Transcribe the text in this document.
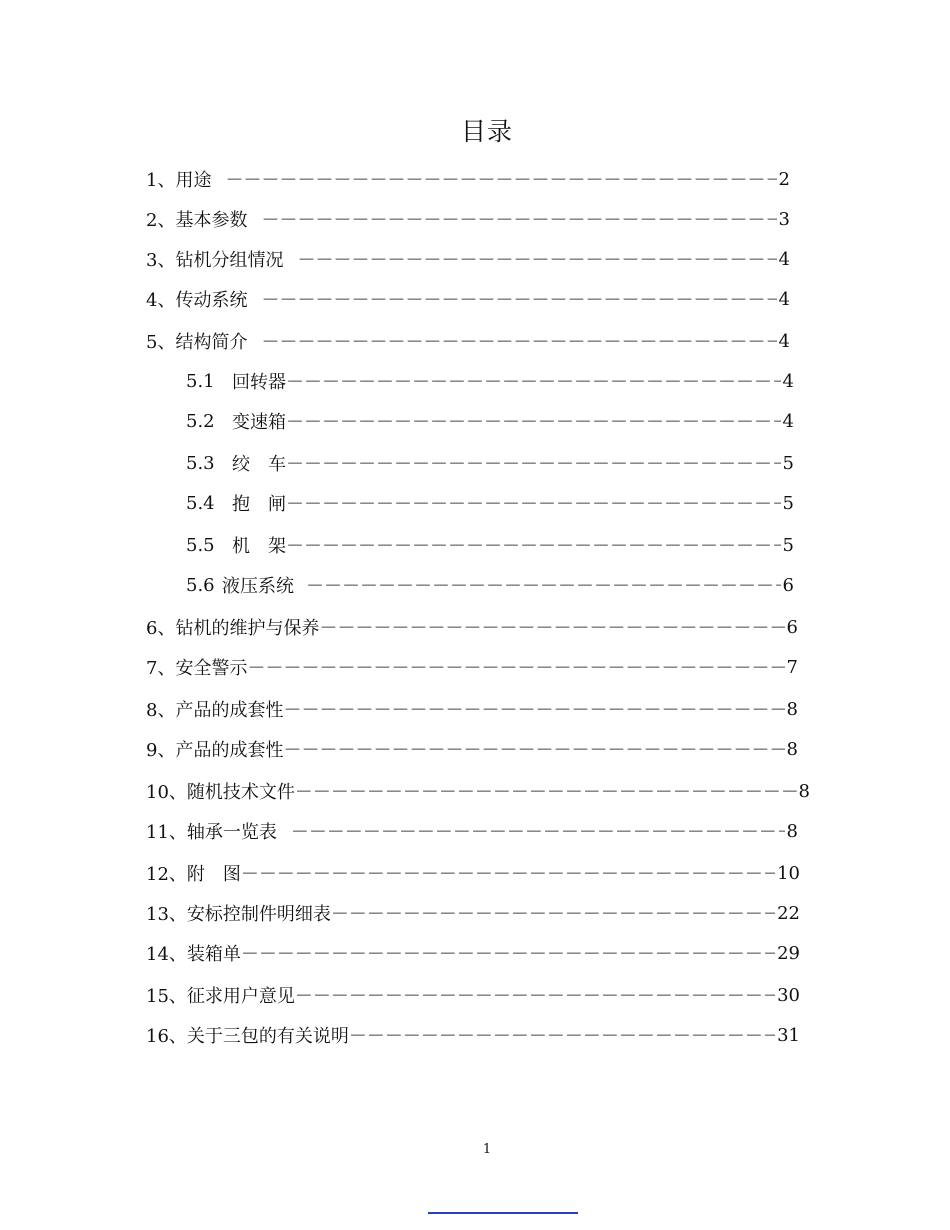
目录
1、用途 －－－－－－－－－－－－－－－－－－－－－－－－－－－－－－－－－－－－－－－－－－－－－－－－－－－－－－－－	2
2、基本参数 －－－－－－－－－－－－－－－－－－－－－－－－－－－－－－－－－－－－－－－－－－－－－－－－－－－－－－－－	3
3、钻机分组情况 －－－－－－－－－－－－－－－－－－－－－－－－－－－－－－－－－－－－－－－－－－－－－－－－－－－－－－－－	4
4、传动系统 －－－－－－－－－－－－－－－－－－－－－－－－－－－－－－－－－－－－－－－－－－－－－－－－－－－－－－－－	4
5、结构简介 －－－－－－－－－－－－－－－－－－－－－－－－－－－－－－－－－－－－－－－－－－－－－－－－－－－－－－－－	4
5.1 回转器 －－－－－－－－－－－－－－－－－－－－－－－－－－－－－－－－－－－－－－－－－－－－－－－－－－－－－－－－	4
5.2 变速箱 －－－－－－－－－－－－－－－－－－－－－－－－－－－－－－－－－－－－－－－－－－－－－－－－－－－－－－－－	4
5.3 绞　车 －－－－－－－－－－－－－－－－－－－－－－－－－－－－－－－－－－－－－－－－－－－－－－－－－－－－－－－－	5
5.4 抱　闸 －－－－－－－－－－－－－－－－－－－－－－－－－－－－－－－－－－－－－－－－－－－－－－－－－－－－－－－－	5
5.5 机　架 －－－－－－－－－－－－－－－－－－－－－－－－－－－－－－－－－－－－－－－－－－－－－－－－－－－－－－－－	5
5.6 液压系统 －－－－－－－－－－－－－－－－－－－－－－－－－－－－－－－－－－－－－－－－－－－－－－－－－－－－－－－－	6
6、钻机的维护与保养 －－－－－－－－－－－－－－－－－－－－－－－－－－－－－－－－－－－－－－－－－－－－－－－－－－－－－－－－	6
7、安全警示 －－－－－－－－－－－－－－－－－－－－－－－－－－－－－－－－－－－－－－－－－－－－－－－－－－－－－－－－	7
8、产品的成套性 －－－－－－－－－－－－－－－－－－－－－－－－－－－－－－－－－－－－－－－－－－－－－－－－－－－－－－－－	8
9、产品的成套性 －－－－－－－－－－－－－－－－－－－－－－－－－－－－－－－－－－－－－－－－－－－－－－－－－－－－－－－－	8
10、随机技术文件 －－－－－－－－－－－－－－－－－－－－－－－－－－－－－－－－－－－－－－－－－－－－－－－－－－－－－－－－	8
11、轴承一览表 －－－－－－－－－－－－－－－－－－－－－－－－－－－－－－－－－－－－－－－－－－－－－－－－－－－－－－－－	8
12、附　图 －－－－－－－－－－－－－－－－－－－－－－－－－－－－－－－－－－－－－－－－－－－－－－－－－－－－－－－－	10
13、安标控制件明细表 －－－－－－－－－－－－－－－－－－－－－－－－－－－－－－－－－－－－－－－－－－－－－－－－－－－－－－－－	22
14、装箱单 －－－－－－－－－－－－－－－－－－－－－－－－－－－－－－－－－－－－－－－－－－－－－－－－－－－－－－－－	29
15、征求用户意见 －－－－－－－－－－－－－－－－－－－－－－－－－－－－－－－－－－－－－－－－－－－－－－－－－－－－－－－－	30
16、关于三包的有关说明 －－－－－－－－－－－－－－－－－－－－－－－－－－－－－－－－－－－－－－－－－－－－－－－－－－－－－－－－	31
1
